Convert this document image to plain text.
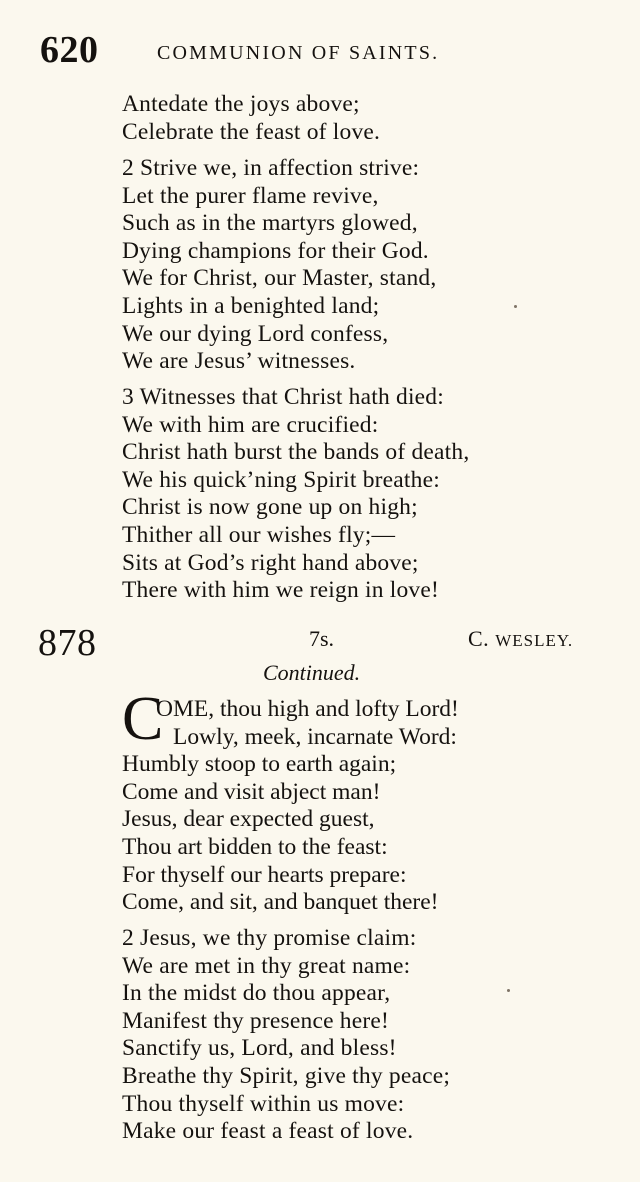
620	COMMUNION OF SAINTS.
Antedate the joys above;
Celebrate the feast of love.
2 Strive we, in affection strive:
Let the purer flame revive,
Such as in the martyrs glowed,
Dying champions for their God.
We for Christ, our Master, stand,
Lights in a benighted land;
We our dying Lord confess,
We are Jesus’ witnesses.
3 Witnesses that Christ hath died:
We with him are crucified:
Christ hath burst the bands of death,
We his quick’ning Spirit breathe:
Christ is now gone up on high;
Thither all our wishes fly;—
Sits at God’s right hand above;
There with him we reign in love!
878	7s.	C. WESLEY.
Continued.
C
OME, thou high and lofty Lord!
Lowly, meek, incarnate Word:
Humbly stoop to earth again;
Come and visit abject man!
Jesus, dear expected guest,
Thou art bidden to the feast:
For thyself our hearts prepare:
Come, and sit, and banquet there!
2 Jesus, we thy promise claim:
We are met in thy great name:
In the midst do thou appear,
Manifest thy presence here!
Sanctify us, Lord, and bless!
Breathe thy Spirit, give thy peace;
Thou thyself within us move:
Make our feast a feast of love.
